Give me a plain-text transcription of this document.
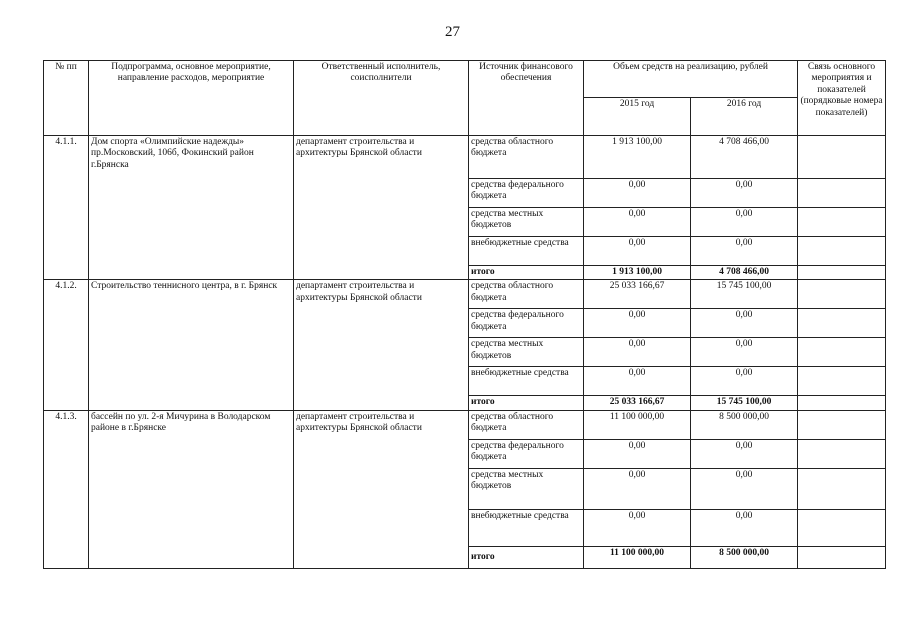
27
№ пп	Подпрограмма, основное мероприятие, направление расходов, мероприятие	Ответственный исполнитель, соисполнители	Источник финансового обеспечения	Объем средств на реализацию, рублей		Связь основного мероприятия и показателей (порядковые номера показателей)
				2015 год	2016 год	
4.1.1.	Дом спорта «Олимпийские надежды» пр.Московский, 106б, Фокинский район г.Брянска	департамент строительства и архитектуры Брянской области	средства областного бюджета	1 913 100,00	4 708 466,00	
			средства федерального бюджета	0,00	0,00	
			средства местных бюджетов	0,00	0,00	
			внебюджетные средства	0,00	0,00	
			итого	1 913 100,00	4 708 466,00	
4.1.2.	Строительство теннисного центра, в г. Брянск	департамент строительства и архитектуры Брянской области	средства областного бюджета	25 033 166,67	15 745 100,00	
			средства федерального бюджета	0,00	0,00	
			средства местных бюджетов	0,00	0,00	
			внебюджетные средства	0,00	0,00	
			итого	25 033 166,67	15 745 100,00	
4.1.3.	бассейн по ул. 2-я Мичурина в Володарском районе в г.Брянске	департамент строительства и архитектуры Брянской области	средства областного бюджета	11 100 000,00	8 500 000,00	
			средства федерального бюджета	0,00	0,00	
			средства местных бюджетов	0,00	0,00	
			внебюджетные средства	0,00	0,00	
			итого	11 100 000,00	8 500 000,00	
